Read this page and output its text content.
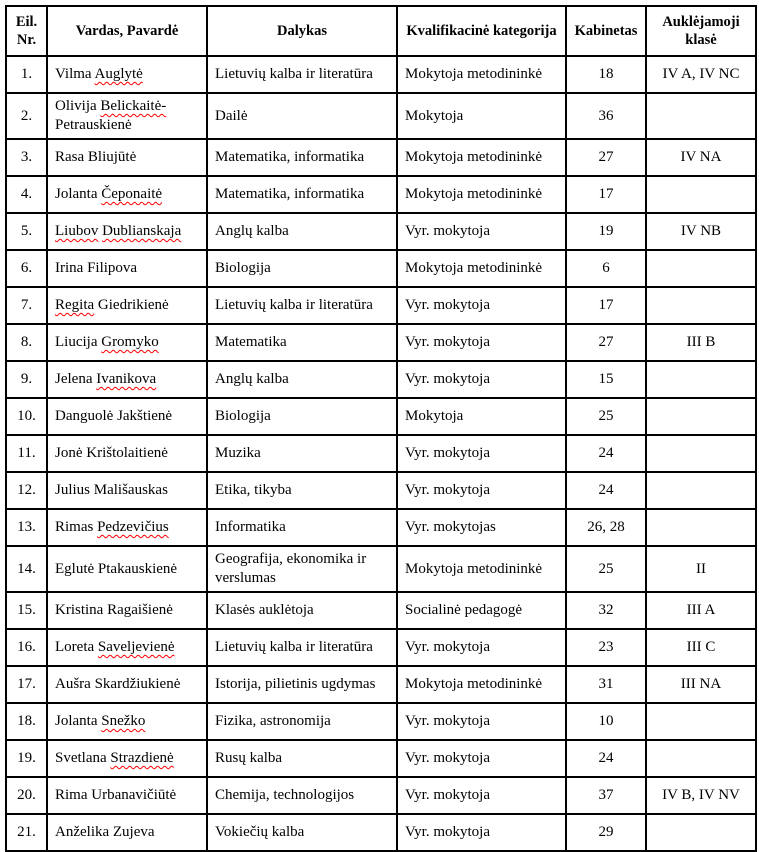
Eil. Nr.	Vardas, Pavardė	Dalykas	Kvalifikacinė kategorija	Kabinetas	Auklėjamoji klasė
1.	Vilma Auglytė	Lietuvių kalba ir literatūra	Mokytoja metodininkė	18	IV A, IV NC
2.	Olivija Belickaitė-
Petrauskienė	Dailė	Mokytoja	36	
3.	Rasa Bliujūtė	Matematika, informatika	Mokytoja metodininkė	27	IV NA
4.	Jolanta Čeponaitė	Matematika, informatika	Mokytoja metodininkė	17	
5.	Liubov Dublianskaja	Anglų kalba	Vyr. mokytoja	19	IV NB
6.	Irina Filipova	Biologija	Mokytoja metodininkė	6	
7.	Regita Giedrikienė	Lietuvių kalba ir literatūra	Vyr. mokytoja	17	
8.	Liucija Gromyko	Matematika	Vyr. mokytoja	27	III B
9.	Jelena Ivanikova	Anglų kalba	Vyr. mokytoja	15	
10.	Danguolė Jakštienė	Biologija	Mokytoja	25	
11.	Jonė Krištolaitienė	Muzika	Vyr. mokytoja	24	
12.	Julius Mališauskas	Etika, tikyba	Vyr. mokytoja	24	
13.	Rimas Pedzevičius	Informatika	Vyr. mokytojas	26, 28	
14.	Eglutė Ptakauskienė	Geografija, ekonomika ir
verslumas	Mokytoja metodininkė	25	II
15.	Kristina Ragaišienė	Klasės auklėtoja	Socialinė pedagogė	32	III A
16.	Loreta Saveljevienė	Lietuvių kalba ir literatūra	Vyr. mokytoja	23	III C
17.	Aušra Skardžiukienė	Istorija, pilietinis ugdymas	Mokytoja metodininkė	31	III NA
18.	Jolanta Snežko	Fizika, astronomija	Vyr. mokytoja	10	
19.	Svetlana Strazdienė	Rusų kalba	Vyr. mokytoja	24	
20.	Rima Urbanavičiūtė	Chemija, technologijos	Vyr. mokytoja	37	IV B, IV NV
21.	Anželika Zujeva	Vokiečių kalba	Vyr. mokytoja	29	
